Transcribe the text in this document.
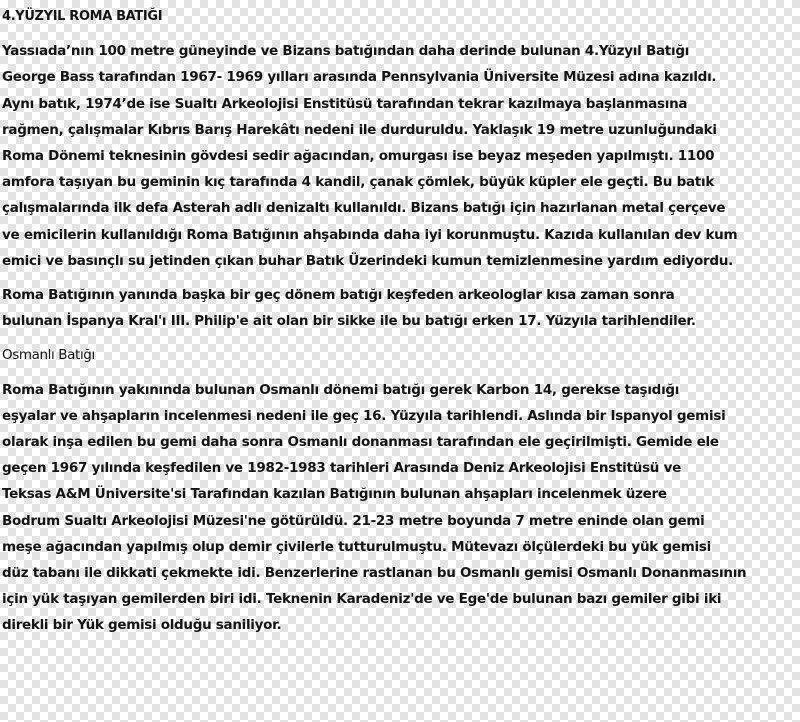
4.YÜZYIL ROMA BATIĞI
Yassıada’nın 100 metre güneyinde ve Bizans batığından daha derinde bulunan 4.Yüzyıl Batığı
George Bass tarafından 1967- 1969 yılları arasında Pennsylvania Üniversite Müzesi adına kazıldı.
Aynı batık, 1974’de ise Sualtı Arkeolojisi Enstitüsü tarafından tekrar kazılmaya başlanmasına
rağmen, çalışmalar Kıbrıs Barış Harekâtı nedeni ile durduruldu. Yaklaşık 19 metre uzunluğundaki
Roma Dönemi teknesinin gövdesi sedir ağacından, omurgası ise beyaz meşeden yapılmıştı. 1100
amfora taşıyan bu geminin kıç tarafında 4 kandil, çanak çömlek, büyük küpler ele geçti. Bu batık
çalışmalarında ilk defa Asterah adlı denizaltı kullanıldı. Bizans batığı için hazırlanan metal çerçeve
ve emicilerin kullanıldığı Roma Batığının ahşabında daha iyi korunmuştu. Kazıda kullanılan dev kum
emici ve basınçlı su jetinden çıkan buhar Batık Üzerindeki kumun temizlenmesine yardım ediyordu.
Roma Batığının yanında başka bir geç dönem batığı keşfeden arkeologlar kısa zaman sonra
bulunan İspanya Kral'ı III. Philip'e ait olan bir sikke ile bu batığı erken 17. Yüzyıla tarihlendiler.
Osmanlı Batığı
Roma Batığının yakınında bulunan Osmanlı dönemi batığı gerek Karbon 14, gerekse taşıdığı
eşyalar ve ahşapların incelenmesi nedeni ile geç 16. Yüzyıla tarihlendi. Aslında bir Ispanyol gemisi
olarak inşa edilen bu gemi daha sonra Osmanlı donanması tarafından ele geçirilmişti. Gemide ele
geçen 1967 yılında keşfedilen ve 1982-1983 tarihleri Arasında Deniz Arkeolojisi Enstitüsü ve
Teksas A&M Üniversite'si Tarafından kazılan Batığının bulunan ahşapları incelenmek üzere
Bodrum Sualtı Arkeolojisi Müzesi'ne götürüldü. 21-23 metre boyunda 7 metre eninde olan gemi
meşe ağacından yapılmış olup demir çivilerle tutturulmuştu. Mütevazı ölçülerdeki bu yük gemisi
düz tabanı ile dikkati çekmekte idi. Benzerlerine rastlanan bu Osmanlı gemisi Osmanlı Donanmasının
için yük taşıyan gemilerden biri idi. Teknenin Karadeniz'de ve Ege'de bulunan bazı gemiler gibi iki
direkli bir Yük gemisi olduğu saniliyor.
